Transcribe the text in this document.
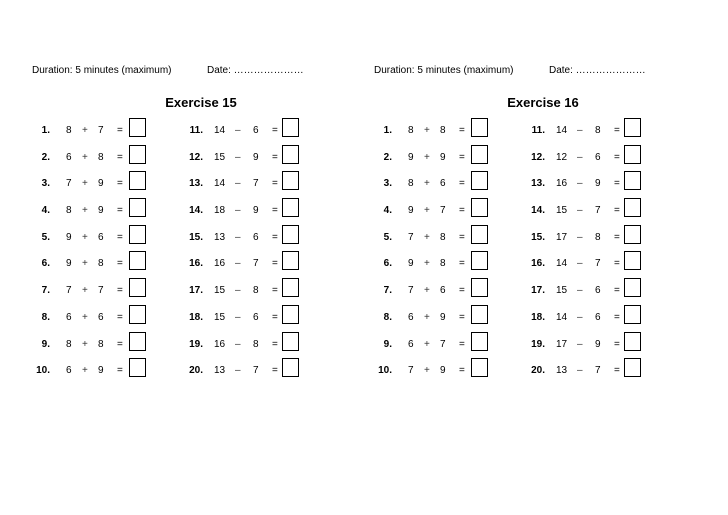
Duration: 5 minutes (maximum)	Date: …………………
Exercise 15
1. 8 + 7 =
2. 6 + 8 =
3. 7 + 9 =
4. 8 + 9 =
5. 9 + 6 =
6. 9 + 8 =
7. 7 + 7 =
8. 6 + 6 =
9. 8 + 8 =
10. 6 + 9 =
11. 14 – 6 =
12. 15 – 9 =
13. 14 – 7 =
14. 18 – 9 =
15. 13 – 6 =
16. 16 – 7 =
17. 15 – 8 =
18. 15 – 6 =
19. 16 – 8 =
20. 13 – 7 =
Duration: 5 minutes (maximum)	Date: …………………
Exercise 16
1. 8 + 8 =
2. 9 + 9 =
3. 8 + 6 =
4. 9 + 7 =
5. 7 + 8 =
6. 9 + 8 =
7. 7 + 6 =
8. 6 + 9 =
9. 6 + 7 =
10. 7 + 9 =
11. 14 – 8 =
12. 12 – 6 =
13. 16 – 9 =
14. 15 – 7 =
15. 17 – 8 =
16. 14 – 7 =
17. 15 – 6 =
18. 14 – 6 =
19. 17 – 9 =
20. 13 – 7 =
